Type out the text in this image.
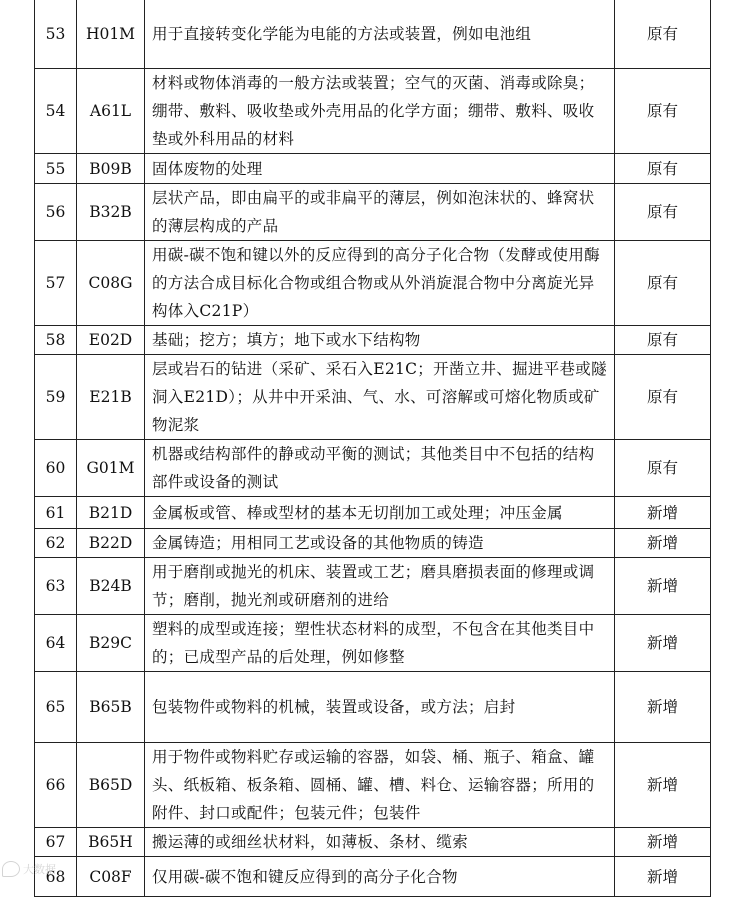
53	H01M	用于直接转变化学能为电能的方法或装置，例如电池组	原有
54	A61L	材料或物体消毒的一般方法或装置；空气的灭菌、消毒或除臭；绷带、敷料、吸收垫或外壳用品的化学方面；绷带、敷料、吸收垫或外科用品的材料	原有
55	B09B	固体废物的处理	原有
56	B32B	层状产品，即由扁平的或非扁平的薄层，例如泡沫状的、蜂窝状的薄层构成的产品	原有
57	C08G	用碳-碳不饱和键以外的反应得到的高分子化合物（发酵或使用酶的方法合成目标化合物或组合物或从外消旋混合物中分离旋光异构体入C21P）	原有
58	E02D	基础；挖方；填方；地下或水下结构物	原有
59	E21B	层或岩石的钻进（采矿、采石入E21C；开凿立井、掘进平巷或隧洞入E21D）；从井中开采油、气、水、可溶解或可熔化物质或矿物泥浆	原有
60	G01M	机器或结构部件的静或动平衡的测试；其他类目中不包括的结构部件或设备的测试	原有
61	B21D	金属板或管、棒或型材的基本无切削加工或处理；冲压金属	新增
62	B22D	金属铸造；用相同工艺或设备的其他物质的铸造	新增
63	B24B	用于磨削或抛光的机床、装置或工艺；磨具磨损表面的修理或调节；磨削，抛光剂或研磨剂的进给	新增
64	B29C	塑料的成型或连接；塑性状态材料的成型，不包含在其他类目中的；已成型产品的后处理，例如修整	新增
65	B65B	包装物件或物料的机械，装置或设备，或方法；启封	新增
66	B65D	用于物件或物料贮存或运输的容器，如袋、桶、瓶子、箱盒、罐头、纸板箱、板条箱、圆桶、罐、槽、料仓、运输容器；所用的附件、封口或配件；包装元件；包装件	新增
67	B65H	搬运薄的或细丝状材料，如薄板、条材、缆索	新增
68	C08F	仅用碳-碳不饱和键反应得到的高分子化合物	新增
大数据
